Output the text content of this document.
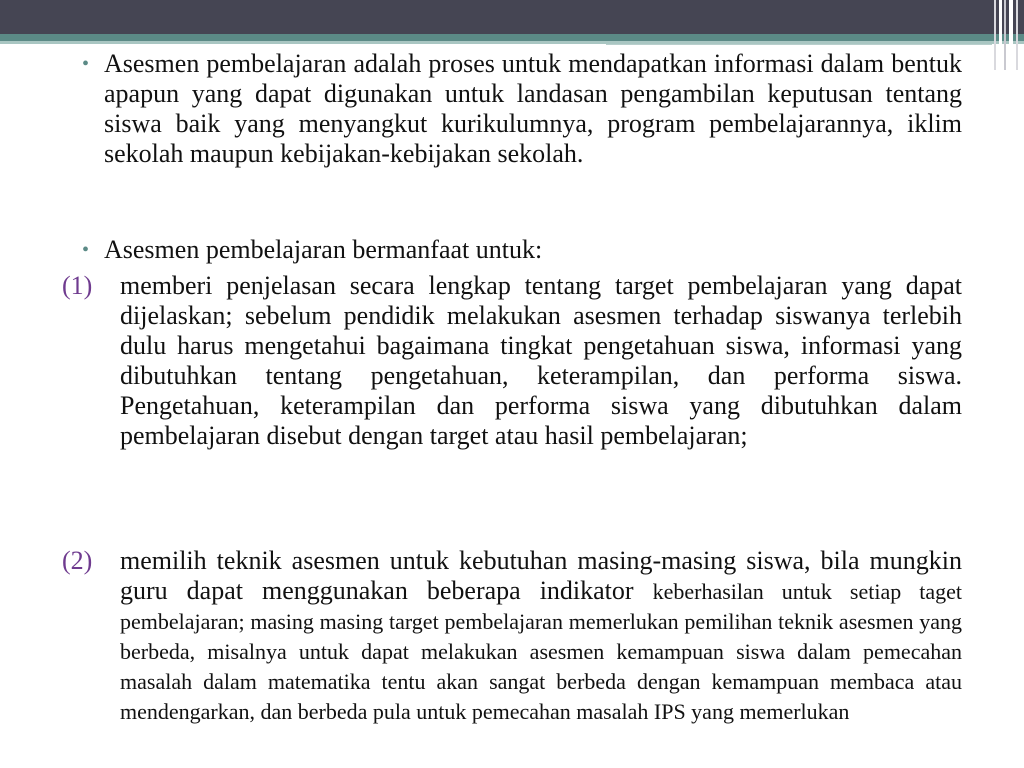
• Asesmen pembelajaran adalah proses untuk mendapatkan informasi dalam bentuk apapun yang dapat digunakan untuk landasan pengambilan keputusan tentang siswa baik yang menyangkut kurikulumnya, program pembelajarannya, iklim sekolah maupun kebijakan-kebijakan sekolah.

• Asesmen pembelajaran bermanfaat untuk:

(1) memberi penjelasan secara lengkap tentang target pembelajaran yang dapat dijelaskan; sebelum pendidik melakukan asesmen terhadap siswanya terlebih dulu harus mengetahui bagaimana tingkat pengetahuan siswa, informasi yang dibutuhkan tentang pengetahuan, keterampilan, dan performa siswa. Pengetahuan, keterampilan dan performa siswa yang dibutuhkan dalam pembelajaran disebut dengan target atau hasil pembelajaran;

(2) memilih teknik asesmen untuk kebutuhan masing-masing siswa, bila mungkin guru dapat menggunakan beberapa indikator keberhasilan untuk setiap taget pembelajaran; masing masing target pembelajaran memerlukan pemilihan teknik asesmen yang berbeda, misalnya untuk dapat melakukan asesmen kemampuan siswa dalam pemecahan masalah dalam matematika tentu akan sangat berbeda dengan kemampuan membaca atau mendengarkan, dan berbeda pula untuk pemecahan masalah IPS yang memerlukan
